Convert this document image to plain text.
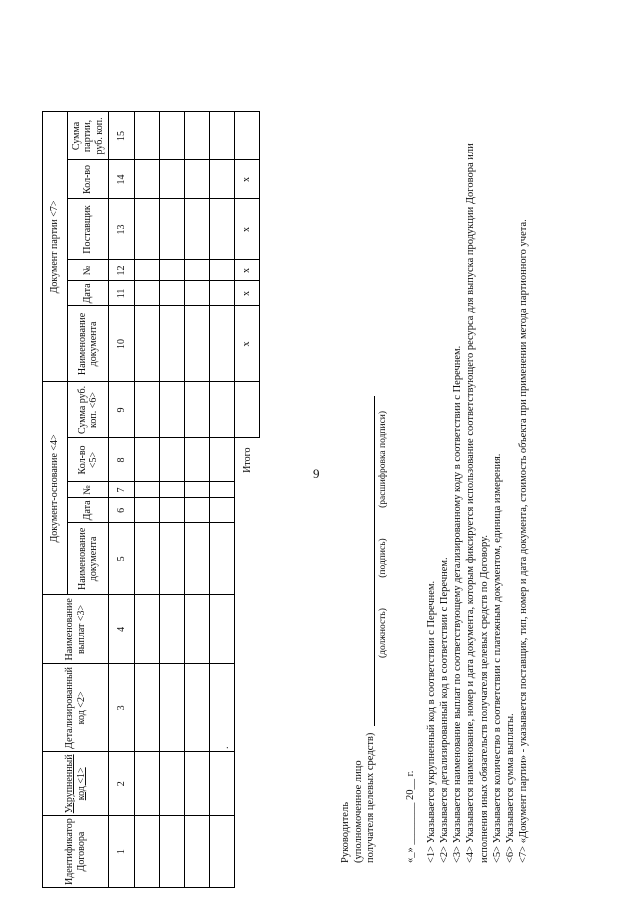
9
Идентификатор Договора	Укрупненный код <1>	Детализированный код <2>	Наименование выплат <3>	Документ-основание <4>					Документ партии <7>					
				Наименование документа	Дата	№	Кол-во <5>	Сумма руб. коп. <6>	Наименование документа	Дата	№	Поставщик	Кол-во	Сумма партии, руб. коп.
1	2	3	4	5	6	7	8	9	10	11	12	13	14	15

		·												
							Итого		x	x	x	x	x	
Руководитель (уполномоченное лицо получателя целевых средств)
(должность) (подпись) (расшифровка подписи)
«_» ________ 20__ г. <1> Указывается укрупненный код в соответствии с Перечнем. <2> Указывается детализированный код в соответствии с Перечнем. <3> Указывается наименование выплат по соответствующему детализированному коду в соответствии с Перечнем. <4> Указывается наименование, номер и дата документа, которым фиксируется использование соответствующего ресурса для выпуска продукции Договора или исполнения иных обязательств получателя целевых средств по Договору. <5> Указывается количество в соответствии с платежным документом, единица измерения. <6> Указывается сумма выплаты. <7> «Документ партии» - указывается поставщик, тип, номер и дата документа, стоимость объекта при применении метода партионного учета.
